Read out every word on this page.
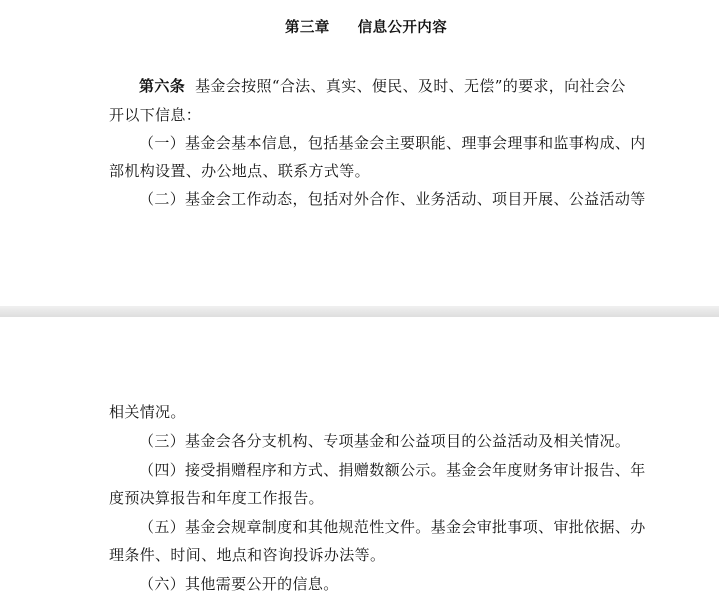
第三章 信息公开内容
第六条 基金会按照“合法、真实、便民、及时、无偿”的要求，向社会公
开以下信息：
（一）基金会基本信息，包括基金会主要职能、理事会理事和监事构成、内
部机构设置、办公地点、联系方式等。
（二）基金会工作动态，包括对外合作、业务活动、项目开展、公益活动等
相关情况。
（三）基金会各分支机构、专项基金和公益项目的公益活动及相关情况。
（四）接受捐赠程序和方式、捐赠数额公示。基金会年度财务审计报告、年
度预决算报告和年度工作报告。
（五）基金会规章制度和其他规范性文件。基金会审批事项、审批依据、办
理条件、时间、地点和咨询投诉办法等。
（六）其他需要公开的信息。
